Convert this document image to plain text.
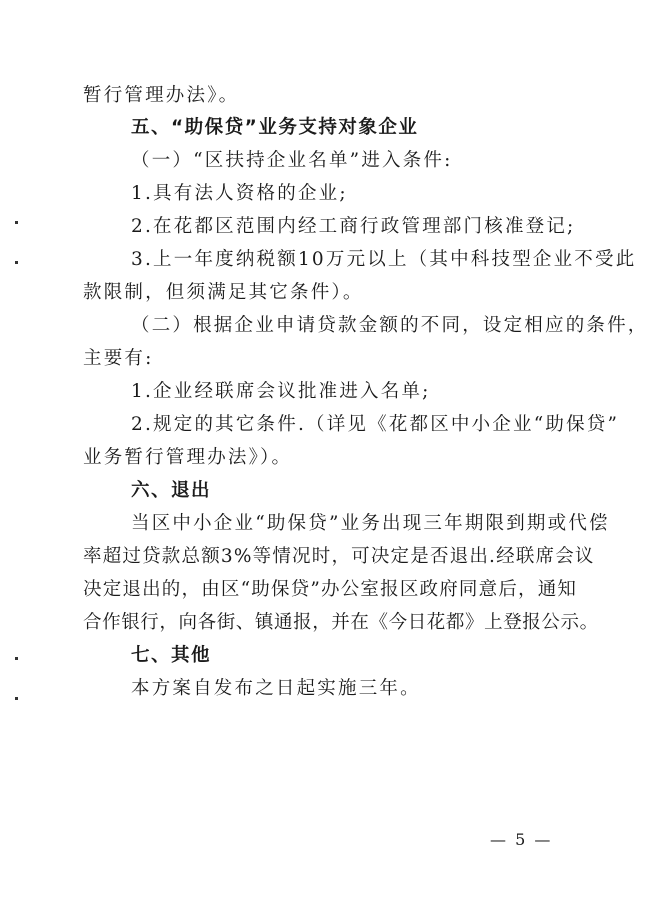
暂行管理办法》。
五、“助保贷”业务支持对象企业
（一）“区扶持企业名单”进入条件:
1.具有法人资格的企业;
2.在花都区范围内经工商行政管理部门核准登记;
3.上一年度纳税额10万元以上（其中科技型企业不受此
款限制，但须满足其它条件）。
（二）根据企业申请贷款金额的不同，设定相应的条件，
主要有:
1.企业经联席会议批准进入名单;
2.规定的其它条件.（详见《花都区中小企业“助保贷”
业务暂行管理办法》）。
六、退出
当区中小企业“助保贷”业务出现三年期限到期或代偿
率超过贷款总额3%等情况时，可决定是否退出.经联席会议
决定退出的，由区“助保贷”办公室报区政府同意后，通知
合作银行，向各街、镇通报，并在《今日花都》上登报公示。
七、其他
本方案自发布之日起实施三年。
— 5 —
